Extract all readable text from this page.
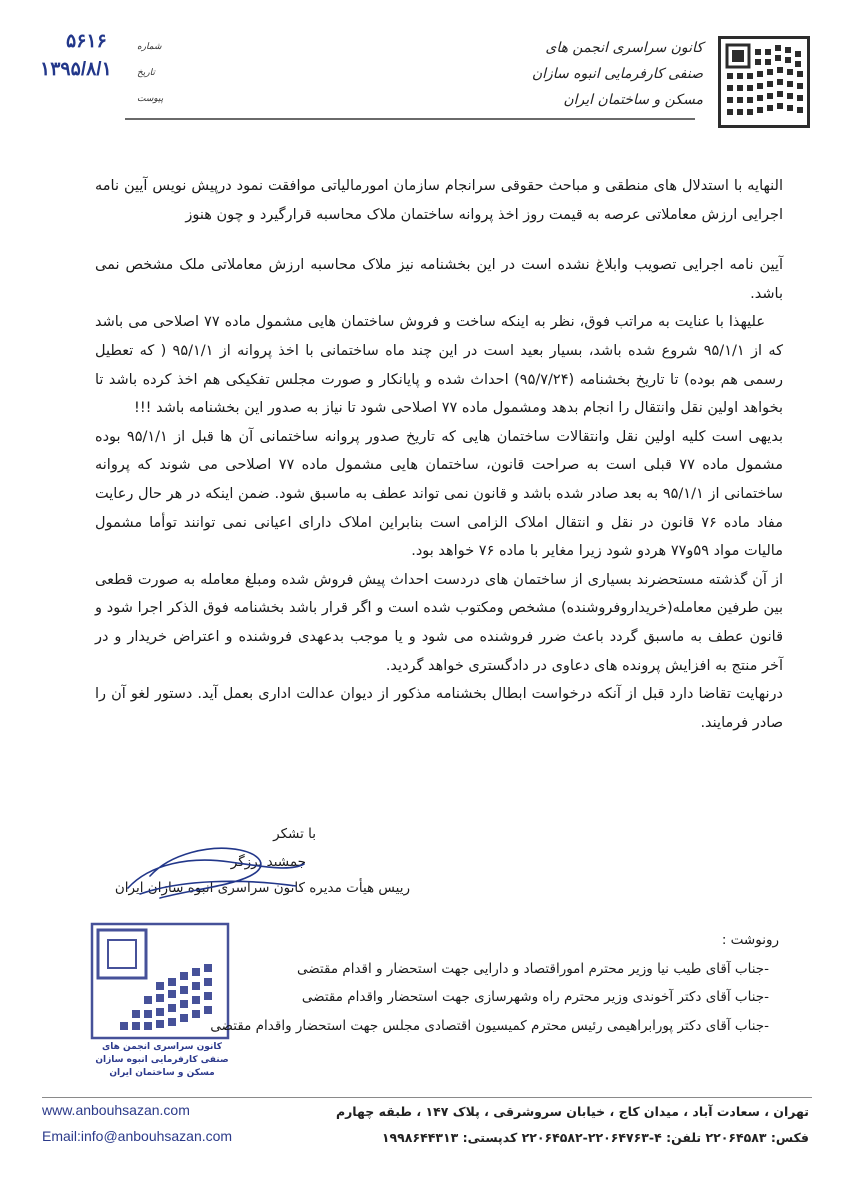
کانون سراسری انجمن های
صنفی کارفرمایی انبوه سازان
مسکن و ساختمان ایران
شماره
۵۶۱۶
تاریخ
۱۳۹۵/۸/۱
پیوست

النهایه با استدلال های منطقی و مباحث حقوقی سرانجام سازمان امورمالیاتی موافقت نمود درپیش نویس آیین نامه اجرایی ارزش معاملاتی عرصه به قیمت روز اخذ پروانه ساختمان ملاک محاسبه قرارگیرد و چون هنوز

آیین نامه اجرایی تصویب وابلاغ نشده است در این بخشنامه نیز ملاک محاسبه ارزش معاملاتی ملک مشخص نمی باشد.

علیهذا با عنایت به مراتب فوق، نظر به اینکه ساخت و فروش ساختمان هایی مشمول ماده ۷۷ اصلاحی می باشد که از ۹۵/۱/۱ شروع شده باشد، بسیار بعید است در این چند ماه ساختمانی با اخذ پروانه از ۹۵/۱/۱ ( که تعطیل رسمی هم بوده) تا تاریخ بخشنامه (۹۵/۷/۲۴) احداث شده و پایانکار و صورت مجلس تفکیکی هم اخذ کرده باشد تا بخواهد اولین نقل وانتقال را انجام بدهد ومشمول ماده ۷۷ اصلاحی شود تا نیاز به صدور این بخشنامه باشد !!!

بدیهی است کلیه اولین نقل وانتقالات ساختمان هایی که تاریخ صدور پروانه ساختمانی آن ها قبل از ۹۵/۱/۱ بوده مشمول ماده ۷۷ قبلی است به صراحت قانون، ساختمان هایی مشمول ماده ۷۷ اصلاحی می شوند که پروانه ساختمانی از ۹۵/۱/۱ به بعد صادر شده باشد و قانون نمی تواند عطف به ماسبق شود. ضمن اینکه در هر حال رعایت مفاد ماده ۷۶ قانون در نقل و انتقال املاک الزامی است بنابراین املاک دارای اعیانی نمی توانند توأما مشمول مالیات مواد ۵۹و۷۷ هردو شود زیرا مغایر با ماده ۷۶ خواهد بود.

از آن گذشته مستحضرند بسیاری از ساختمان های دردست احداث پیش فروش شده ومبلغ معامله به صورت قطعی بین طرفین معامله(خریداروفروشنده) مشخص ومکتوب شده است و اگر قرار باشد بخشنامه فوق الذکر اجرا شود و قانون عطف به ماسبق گردد باعث ضرر فروشنده می شود و یا موجب بدعهدی فروشنده و اعتراض خریدار و در آخر منتج به افزایش پرونده های دعاوی در دادگستری خواهد گردید.

درنهایت تقاضا دارد قبل از آنکه درخواست ابطال بخشنامه مذکور از دیوان عدالت اداری بعمل آید. دستور لغو آن را صادر فرمایند.

با تشکر
جمشید برزگر
رییس هیأت مدیره کانون سراسری انبوه سازان ایران
کانون سراسری انجمن های
صنفی کارفرمایی انبوه سازان
مسکن و ساختمان ایران
رونوشت :
-جناب آقای طیب نیا وزیر محترم اموراقتصاد و دارایی جهت استحضار و اقدام مقتضی
-جناب آقای دکتر آخوندی وزیر محترم راه وشهرسازی جهت استحضار واقدام مقتضی
-جناب آقای دکتر پورابراهیمی رئیس محترم کمیسیون اقتصادی مجلس جهت استحضار واقدام مقتضی
www.anbouhsazan.com
Email:info@anbouhsazan.com
تهران ، سعادت آباد ، میدان کاج ، خیابان سروشرقی ، پلاک ۱۴۷ ، طبقه چهارم
فکس: ۲۲۰۶۴۵۸۳ تلفن: ۴-۲۲۰۶۴۷۶۳-۲۲۰۶۴۵۸۲ کدپستی: ۱۹۹۸۶۴۴۳۱۳
